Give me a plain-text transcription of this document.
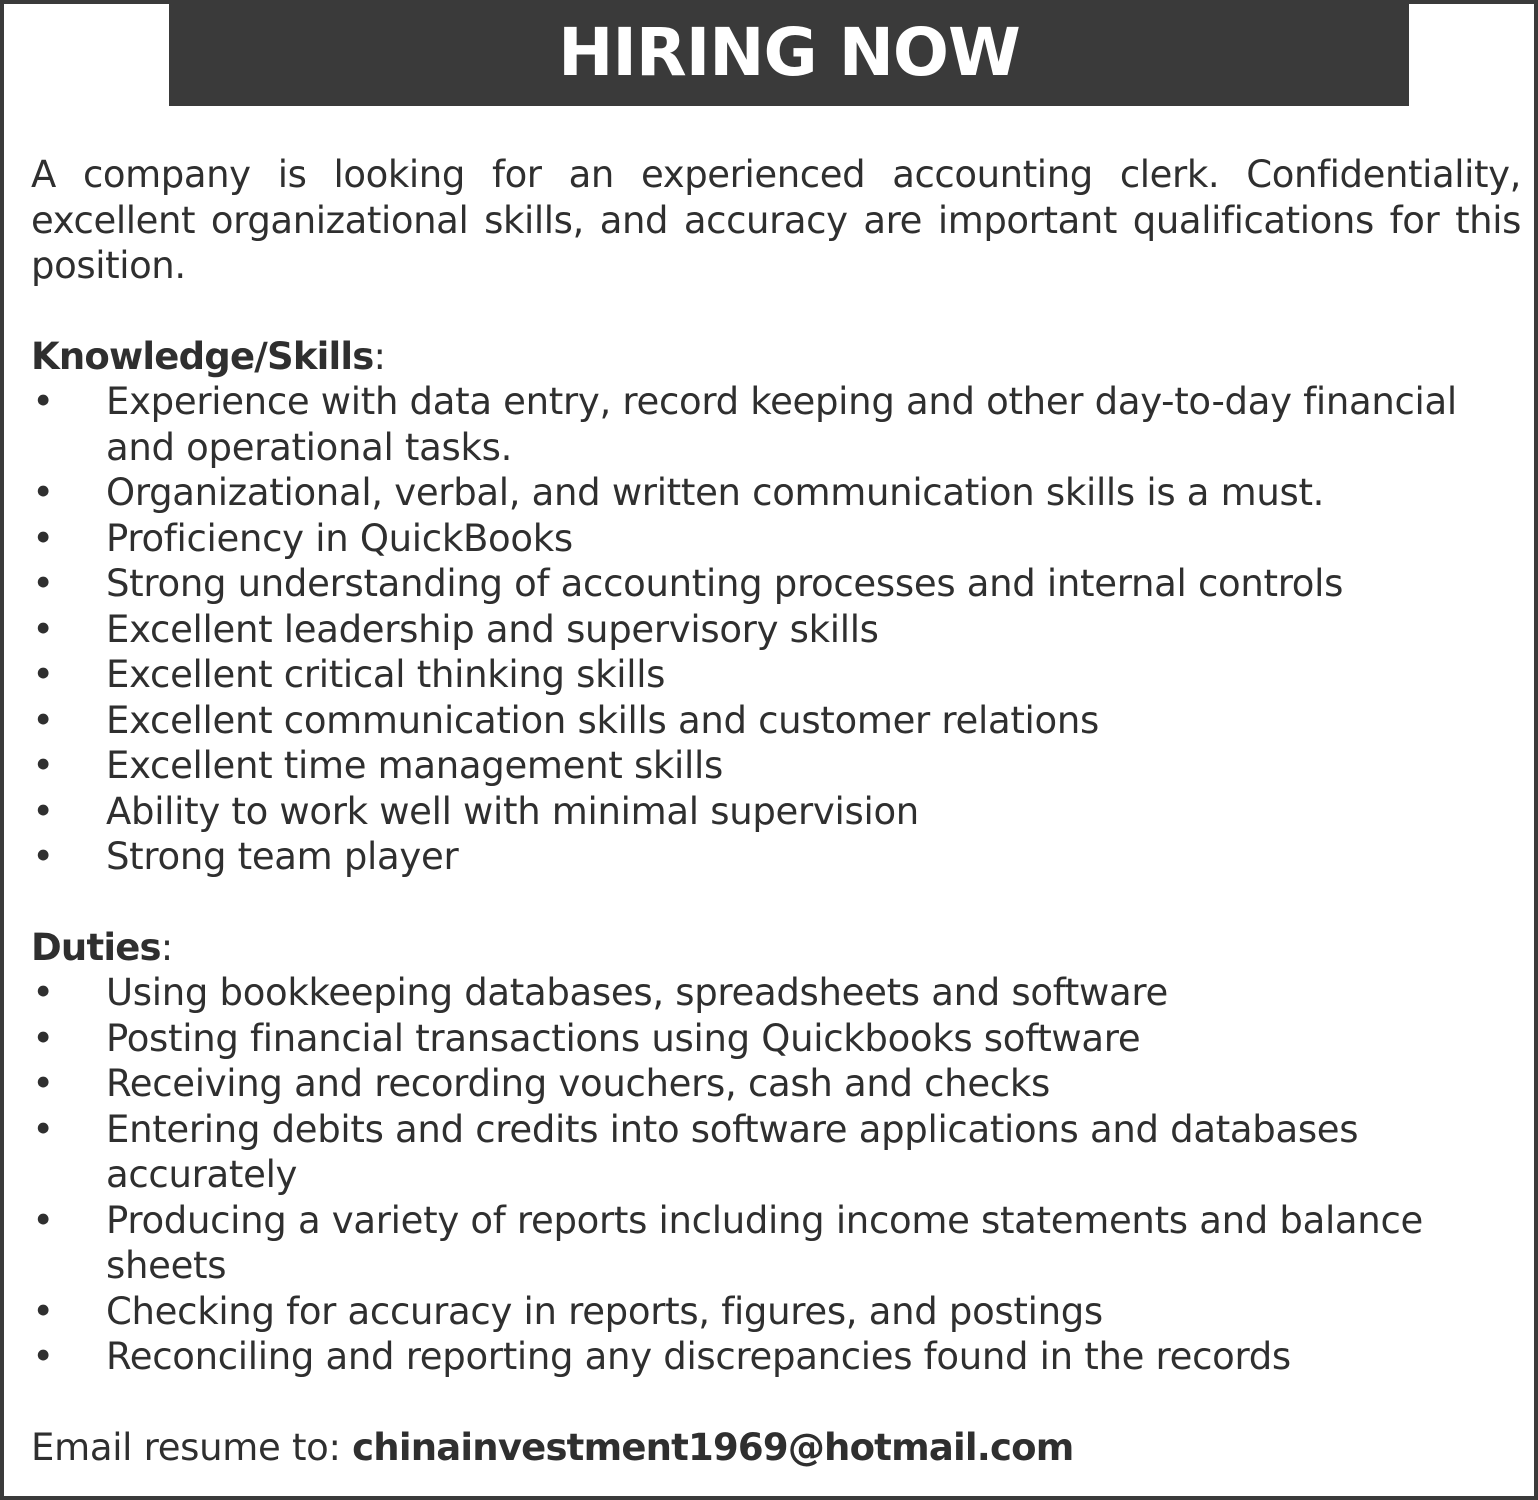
HIRING NOW

A company is looking for an experienced accounting clerk. Confidentiality, excellent organizational skills, and accuracy are important qualifications for this position.

Knowledge/Skills:
• Experience with data entry, record keeping and other day-to-day financial and operational tasks.
• Organizational, verbal, and written communication skills is a must.
• Proficiency in QuickBooks
• Strong understanding of accounting processes and internal controls
• Excellent leadership and supervisory skills
• Excellent critical thinking skills
• Excellent communication skills and customer relations
• Excellent time management skills
• Ability to work well with minimal supervision
• Strong team player
Duties:
• Using bookkeeping databases, spreadsheets and software
• Posting financial transactions using Quickbooks software
• Receiving and recording vouchers, cash and checks
• Entering debits and credits into software applications and databases accurately
• Producing a variety of reports including income statements and balance sheets
• Checking for accuracy in reports, figures, and postings
• Reconciling and reporting any discrepancies found in the records
Email resume to: chinainvestment1969@hotmail.com
